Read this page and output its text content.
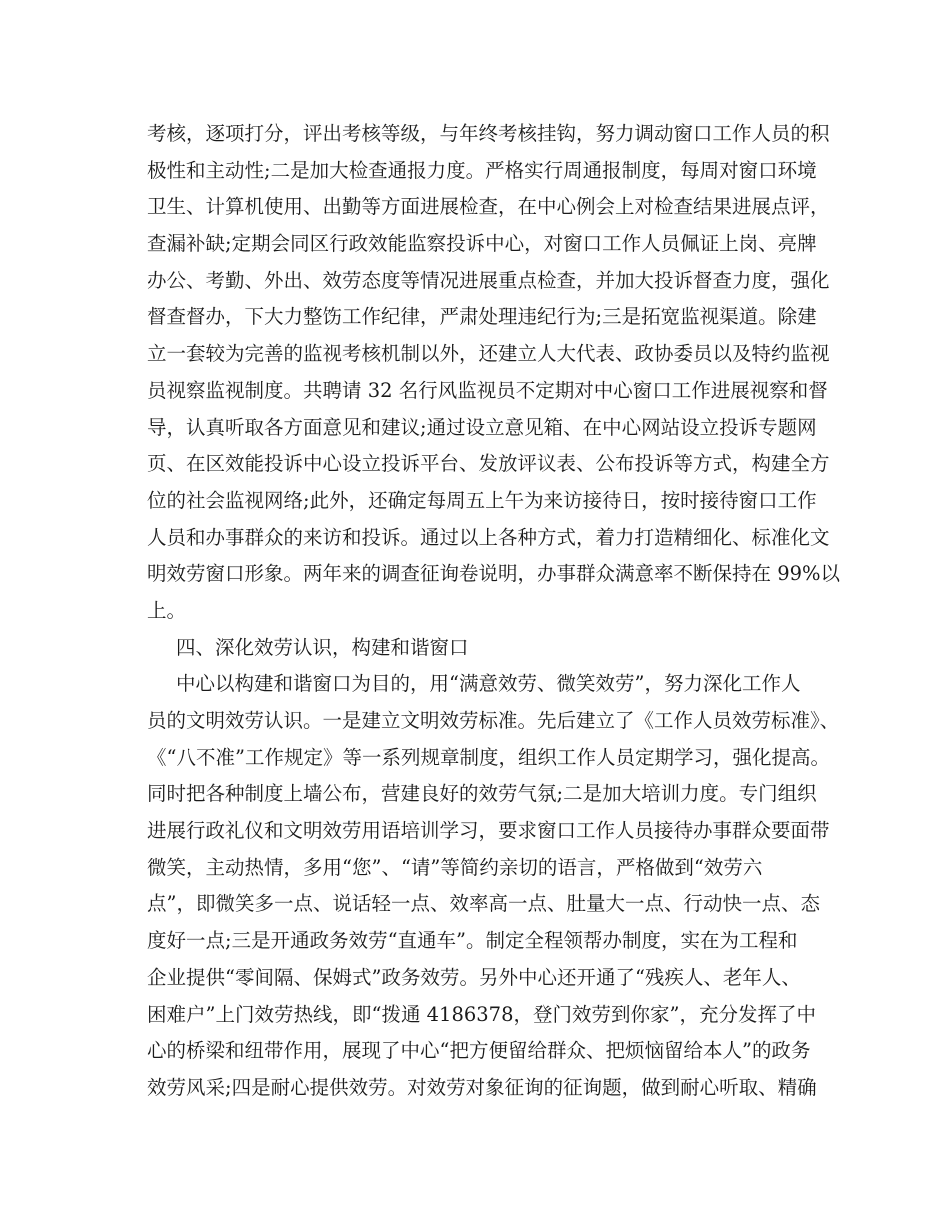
考核，逐项打分，评出考核等级，与年终考核挂钩，努力调动窗口工作人员的积
极性和主动性;二是加大检查通报力度。严格实行周通报制度，每周对窗口环境
卫生、计算机使用、出勤等方面进展检查，在中心例会上对检查结果进展点评，
查漏补缺;定期会同区行政效能监察投诉中心，对窗口工作人员佩证上岗、亮牌
办公、考勤、外出、效劳态度等情况进展重点检查，并加大投诉督查力度，强化
督查督办，下大力整饬工作纪律，严肃处理违纪行为;三是拓宽监视渠道。除建
立一套较为完善的监视考核机制以外，还建立人大代表、政协委员以及特约监视
员视察监视制度。共聘请 32 名行风监视员不定期对中心窗口工作进展视察和督
导，认真听取各方面意见和建议;通过设立意见箱、在中心网站设立投诉专题网
页、在区效能投诉中心设立投诉平台、发放评议表、公布投诉等方式，构建全方
位的社会监视网络;此外，还确定每周五上午为来访接待日，按时接待窗口工作
人员和办事群众的来访和投诉。通过以上各种方式，着力打造精细化、标准化文
明效劳窗口形象。两年来的调查征询卷说明，办事群众满意率不断保持在 99%以
上。
四、深化效劳认识，构建和谐窗口
中心以构建和谐窗口为目的，用“满意效劳、微笑效劳”，努力深化工作人
员的文明效劳认识。一是建立文明效劳标准。先后建立了《工作人员效劳标准》、
《“八不准”工作规定》等一系列规章制度，组织工作人员定期学习，强化提高。
同时把各种制度上墙公布，营建良好的效劳气氛;二是加大培训力度。专门组织
进展行政礼仪和文明效劳用语培训学习，要求窗口工作人员接待办事群众要面带
微笑，主动热情，多用“您”、“请”等简约亲切的语言，严格做到“效劳六
点”，即微笑多一点、说话轻一点、效率高一点、肚量大一点、行动快一点、态
度好一点;三是开通政务效劳“直通车”。制定全程领帮办制度，实在为工程和
企业提供“零间隔、保姆式”政务效劳。另外中心还开通了“残疾人、老年人、
困难户”上门效劳热线，即“拨通 4186378，登门效劳到你家”，充分发挥了中
心的桥梁和纽带作用，展现了中心“把方便留给群众、把烦恼留给本人”的政务
效劳风采;四是耐心提供效劳。对效劳对象征询的征询题，做到耐心听取、精确
